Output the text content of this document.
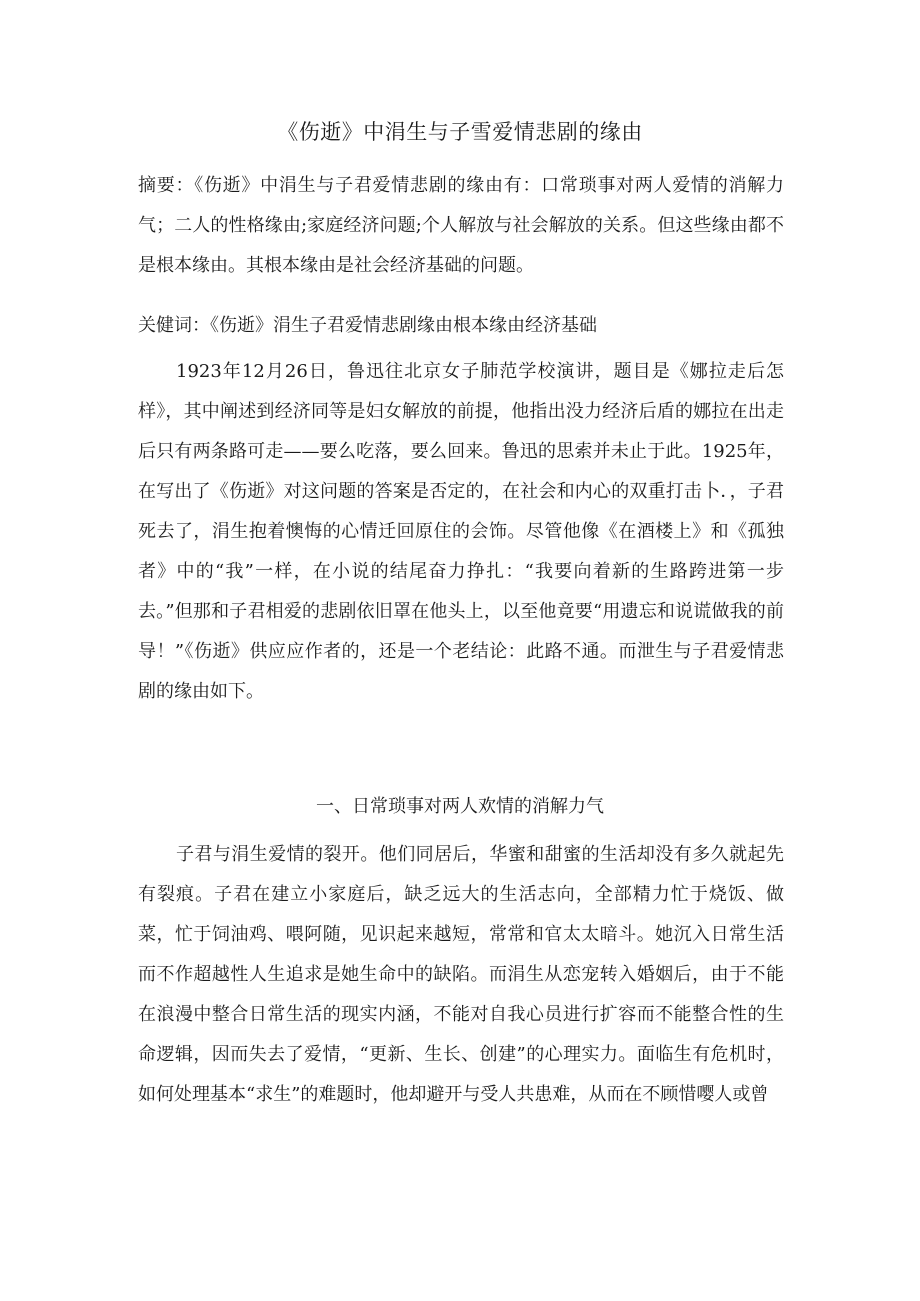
《伤逝》中涓生与子雪爱情悲剧的缘由

摘要：《伤逝》中涓生与子君爱情悲剧的缘由有：口常琐事对两人爱情的消解力气；二人的性格缘由;家庭经济问题;个人解放与社会解放的关系。但这些缘由都不是根本缘由。其根本缘由是社会经济基础的问题。

关健词：《伤逝》涓生子君爱情悲剧缘由根本缘由经济基础

1923年12月26日，鲁迅往北京女子肺范学校演讲，题目是《娜拉走后怎样》，其中阐述到经济同等是妇女解放的前提，他指出没力经济后盾的娜拉在出走后只有两条路可走——要么吃落，要么回来。鲁迅的思索并未止于此。1925年，在写出了《伤逝》对这问题的答案是否定的，在社会和内心的双重打击卜．，子君死去了，涓生抱着懊悔的心情迁回原住的会饰。尽管他像《在酒楼上》和《孤独者》中的“我”一样，在小说的结尾奋力挣扎：“我要向着新的生路跨进第一步去。”但那和子君相爱的悲剧依旧罩在他头上，以至他竟要“用遗忘和说谎做我的前导！”《伤逝》供应应作者的，还是一个老结论：此路不通。而泄生与子君爱情悲剧的缘由如下。

一、日常琐事对两人欢情的消解力气

子君与涓生爱情的裂开。他们同居后，华蜜和甜蜜的生活却没有多久就起先有裂痕。子君在建立小家庭后，缺乏远大的生活志向，全部精力忙于烧饭、做菜，忙于饲油鸡、喂阿随，见识起来越短，常常和官太太暗斗。她沉入日常生活而不作超越性人生追求是她生命中的缺陷。而涓生从恋宠转入婚姻后，由于不能在浪漫中整合日常生活的现实内涵，不能对自我心员进行扩容而不能整合性的生命逻辑，因而失去了爱情，“更新、生长、创建”的心理实力。面临生有危机时，如何处理基本“求生”的难题时，他却避开与受人共患难，从而在不顾惜嘤人或曾
